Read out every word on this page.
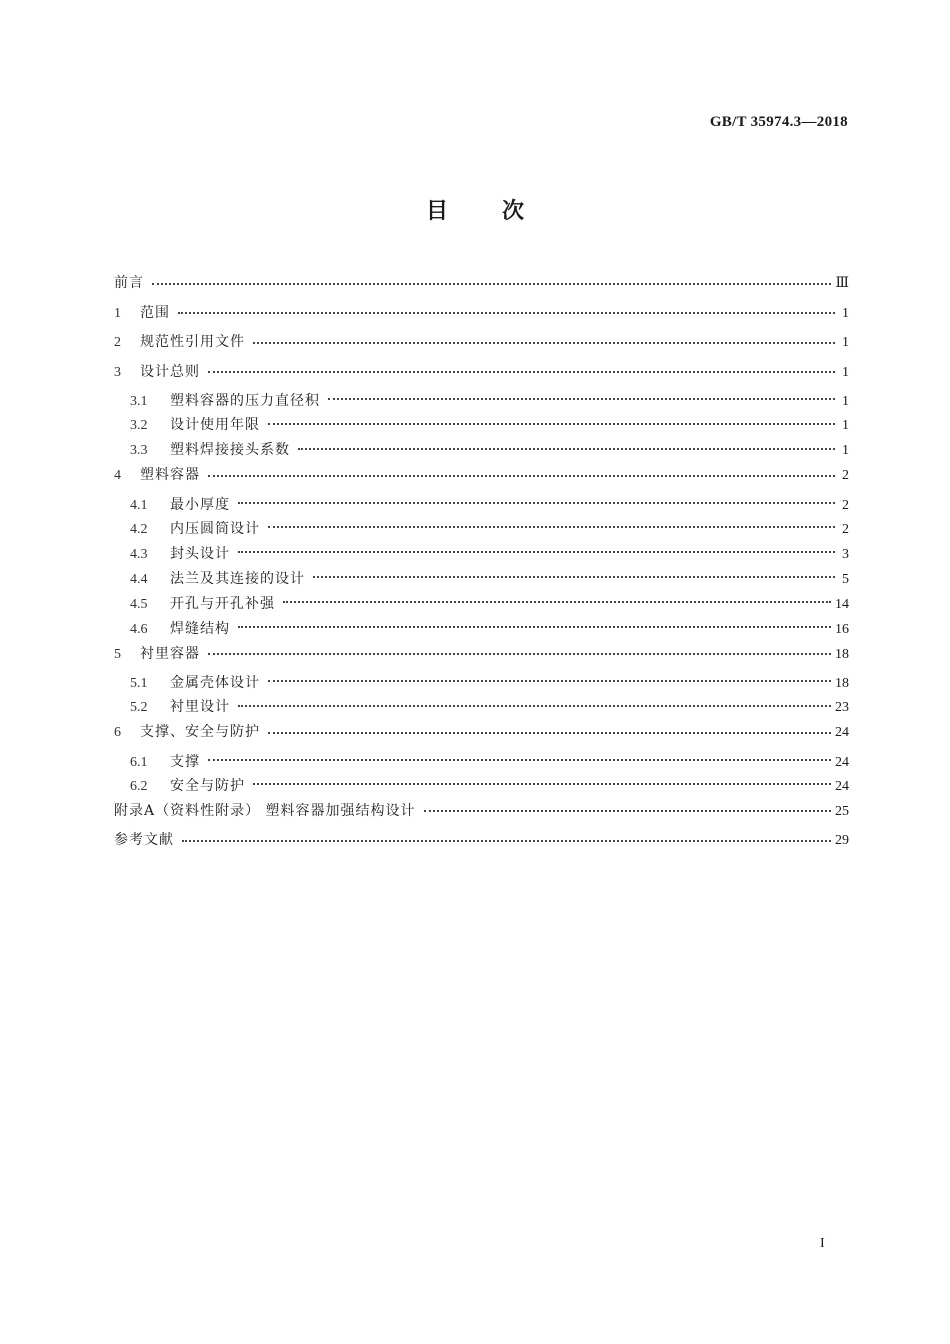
GB/T 35974.3—2018
目次
前言	Ⅲ
1	范围	1
2	规范性引用文件	1
3	设计总则	1
3.1	塑料容器的压力直径积	1
3.2	设计使用年限	1
3.3	塑料焊接接头系数	1
4	塑料容器	2
4.1	最小厚度	2
4.2	内压圆筒设计	2
4.3	封头设计	3
4.4	法兰及其连接的设计	5
4.5	开孔与开孔补强	14
4.6	焊缝结构	16
5	衬里容器	18
5.1	金属壳体设计	18
5.2	衬里设计	23
6	支撑、安全与防护	24
6.1	支撑	24
6.2	安全与防护	24
附录A（资料性附录） 塑料容器加强结构设计	25
参考文献	29
I
